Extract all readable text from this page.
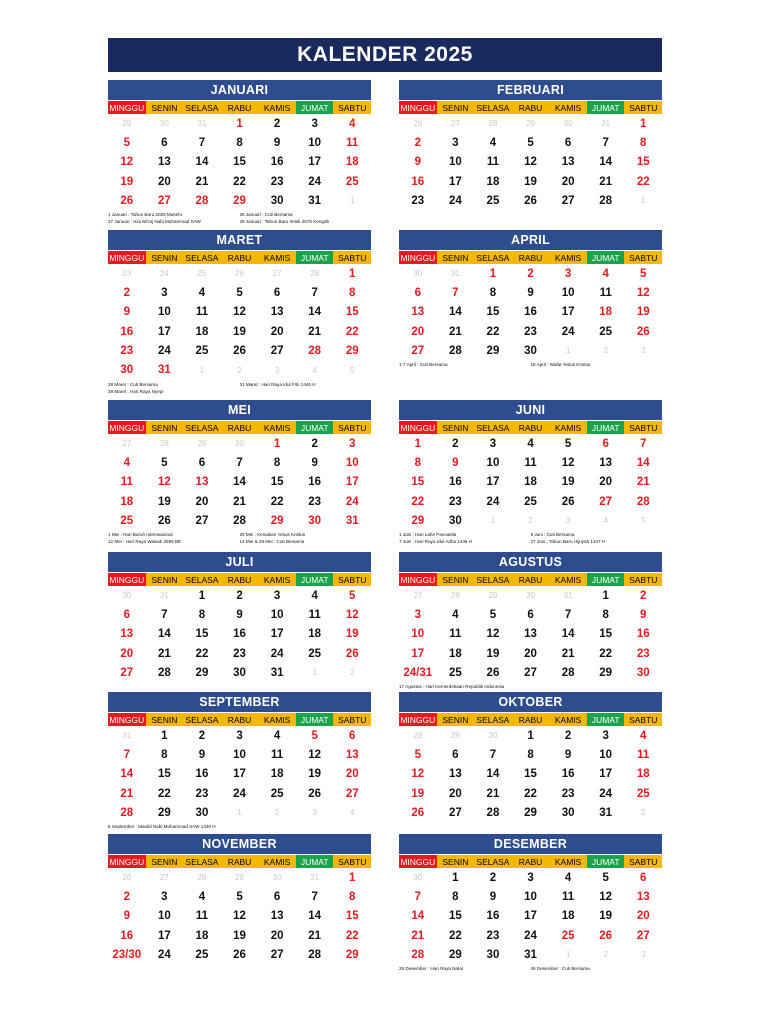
KALENDER 2025
JANUARI
MINGGU SENIN SELASA	RABU	KAMIS	JUMAT	SABTU
29	30	31	1	2	3	4
5	6	7	8	9	10	11
12	13	14	15	16	17	18
19	20	21	22	23	24	25
26	27	28	29	30	31	1
1 Januari : Tahun Baru 2025 Masehi	28 Januari : Cuti Bersama
27 Januari : Isra Mi'raj Nabi Muhammad SAW	29 Januari : Tahun Baru Imlek 2576 Kongzili
FEBRUARI
MINGGU SENIN SELASA	RABU	KAMIS	JUMAT	SABTU
26	27	28	29	30	31	1
2	3	4	5	6	7	8
9	10	11	12	13	14	15
16	17	18	19	20	21	22
23	24	25	26	27	28	1
MARET
MINGGU SENIN SELASA	RABU	KAMIS	JUMAT	SABTU
23	24	25	26	27	28	1
2	3	4	5	6	7	8
9	10	11	12	13	14	15
16	17	18	19	20	21	22
23	24	25	26	27	28	29
30	31	1	2	3	4	5
28 Maret : Cuti Bersama	31 Maret : Hari Raya Idul Fitri 1446 H
29 Maret : Hari Raya Nyepi
APRIL
MINGGU SENIN SELASA	RABU	KAMIS	JUMAT	SABTU
30	31	1	2	3	4	5
6	7	8	9	10	11	12
13	14	15	16	17	18	19
20	21	22	23	24	25	26
27	28	29	30	1	2	3
1-7 April : Cuti Bersama	18 April : Wafat Yesus Kristus
MEI
MINGGU SENIN SELASA	RABU	KAMIS	JUMAT	SABTU
27	28	29	30	1	2	3
4	5	6	7	8	9	10
11	12	13	14	15	16	17
18	19	20	21	22	23	24
25	26	27	28	29	30	31
1 Mei : Hari Buruh Internasional	29 Mei : Kenaikan Yesus Kristus
12 Mei : Hari Raya Waisak 2569 BE	13 Mei & 29 Mei : Cuti Bersama
JUNI
MINGGU SENIN SELASA	RABU	KAMIS	JUMAT	SABTU
1	2	3	4	5	6	7
8	9	10	11	12	13	14
15	16	17	18	19	20	21
22	23	24	25	26	27	28
29	30	1	2	3	4	5
1 Juni : Hari Lahir Pancasila	9 Juni : Cuti Bersama
7 Juni : Hari Raya Idul Adha 1446 H	27 Juni : Tahun Baru Hijriyah 1447 H
JULI
MINGGU SENIN SELASA	RABU	KAMIS	JUMAT	SABTU
30	31	1	2	3	4	5
6	7	8	9	10	11	12
13	14	15	16	17	18	19
20	21	22	23	24	25	26
27	28	29	30	31	1	2
AGUSTUS
MINGGU SENIN SELASA	RABU	KAMIS	JUMAT	SABTU
27	28	29	30	31	1	2
3	4	5	6	7	8	9
10	11	12	13	14	15	16
17	18	19	20	21	22	23
24/31	25	26	27	28	29	30
17 Agustus : Hari Kemerdekaan Republik Indonesia
SEPTEMBER
MINGGU SENIN SELASA	RABU	KAMIS	JUMAT	SABTU
31	1	2	3	4	5	6
7	8	9	10	11	12	13
14	15	16	17	18	19	20
21	22	23	24	25	26	27
28	29	30	1	2	3	4
5 September : Maulid Nabi Muhammad SAW 1446 H
OKTOBER
MINGGU SENIN SELASA	RABU	KAMIS	JUMAT	SABTU
28	29	30	1	2	3	4
5	6	7	8	9	10	11
12	13	14	15	16	17	18
19	20	21	22	23	24	25
26	27	28	29	30	31	2
NOVEMBER
MINGGU SENIN SELASA	RABU	KAMIS	JUMAT	SABTU
26	27	28	29	30	31	1
2	3	4	5	6	7	8
9	10	11	12	13	14	15
16	17	18	19	20	21	22
23/30	24	25	26	27	28	29
DESEMBER
MINGGU SENIN SELASA	RABU	KAMIS	JUMAT	SABTU
30	1	2	3	4	5	6
7	8	9	10	11	12	13
14	15	16	17	18	19	20
21	22	23	24	25	26	27
28	29	30	31	1	2	3
25 Desember : Hari Raya Natal	26 Desember : Cuti Bersama
